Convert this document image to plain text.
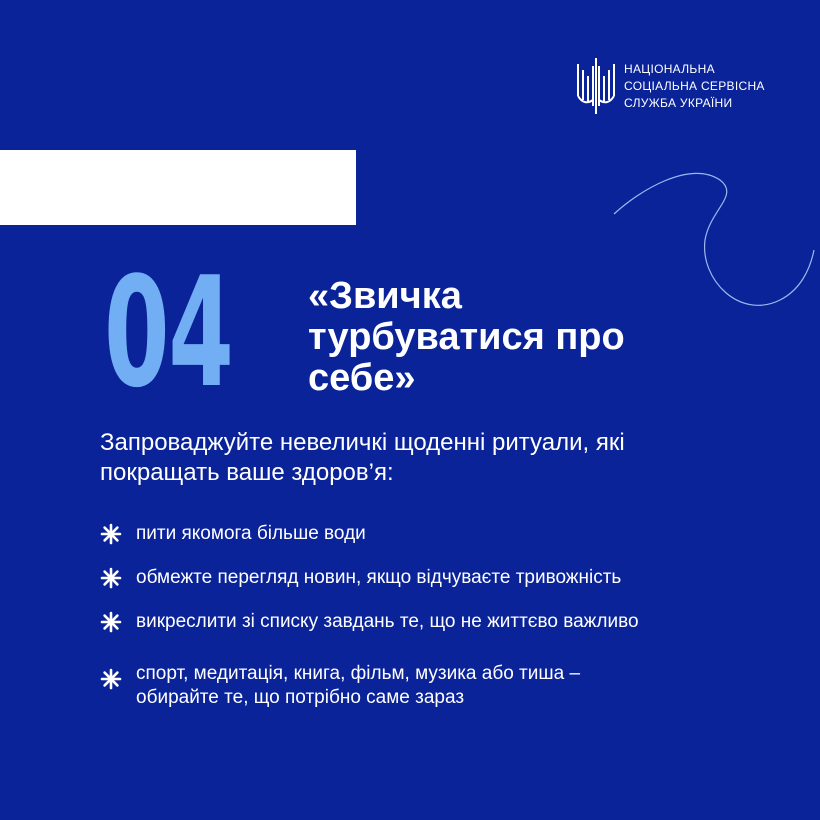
НАЦІОНАЛЬНА
СОЦІАЛЬНА СЕРВІСНА
СЛУЖБА УКРАЇНИ
04 «Звичка
турбуватися про
себе»
Запроваджуйте невеличкі щоденні ритуали, які
покращать ваше здоров’я:
пити якомога більше води
обмежте перегляд новин, якщо відчуваєте тривожність
викреслити зі списку завдань те, що не життєво важливо
спорт, медитація, книга, фільм, музика або тиша –
обирайте те, що потрібно саме зараз
